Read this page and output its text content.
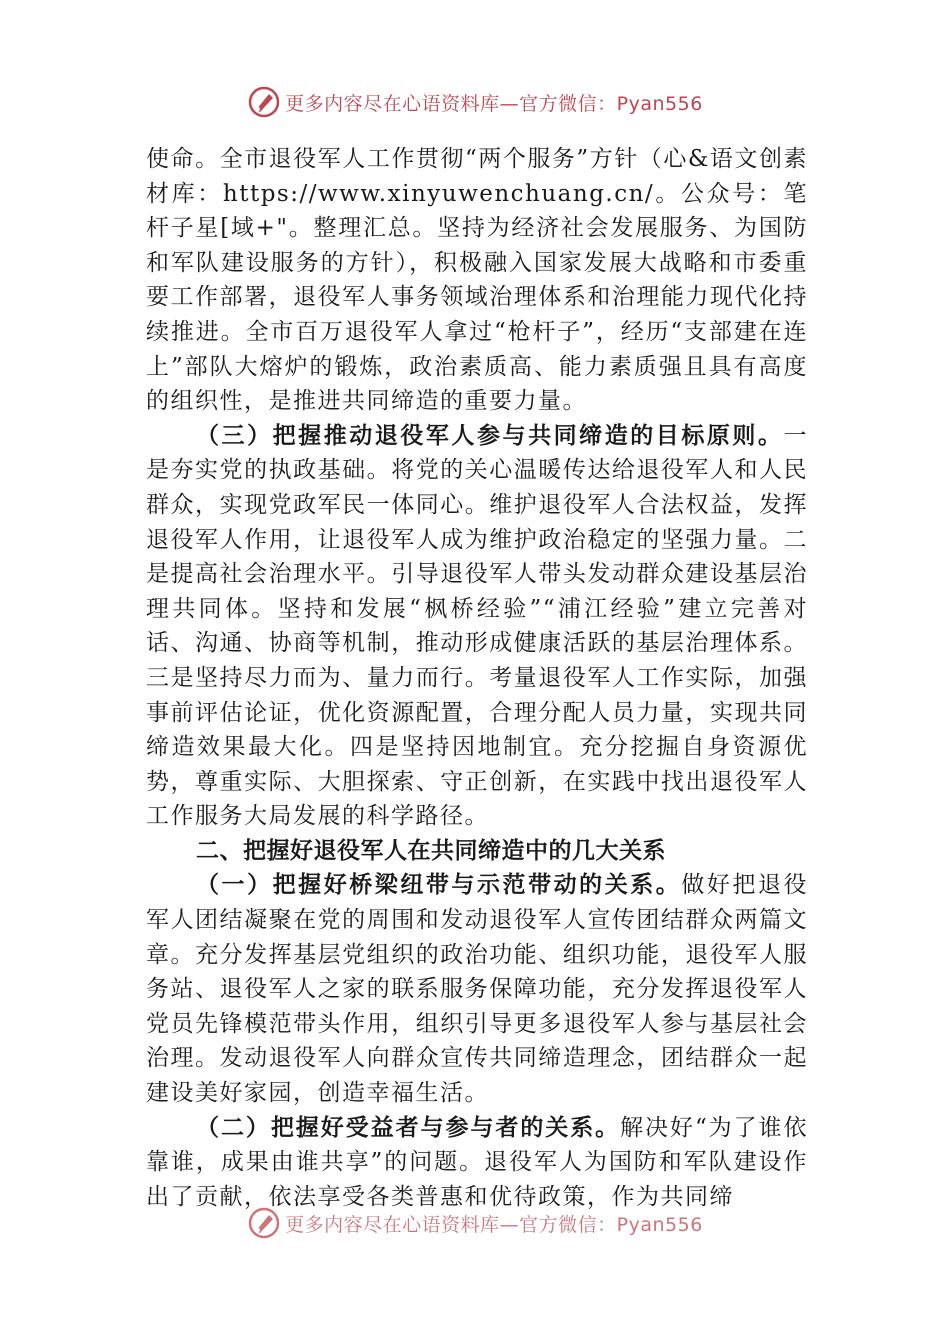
更多内容尽在心语资料库—官方微信：Pyan556

使命。全市退役军人工作贯彻“两个服务”方针（心&语文创素材库：https://www.xinyuwenchuang.cn/。公众号：笔杆子星[域+"。整理汇总。坚持为经济社会发展服务、为国防和军队建设服务的方针），积极融入国家发展大战略和市委重要工作部署，退役军人事务领域治理体系和治理能力现代化持续推进。全市百万退役军人拿过“枪杆子”，经历“支部建在连上”部队大熔炉的锻炼，政治素质高、能力素质强且具有高度的组织性，是推进共同缔造的重要力量。

（三）把握推动退役军人参与共同缔造的目标原则。一是夯实党的执政基础。将党的关心温暖传达给退役军人和人民群众，实现党政军民一体同心。维护退役军人合法权益，发挥退役军人作用，让退役军人成为维护政治稳定的坚强力量。二是提高社会治理水平。引导退役军人带头发动群众建设基层治理共同体。坚持和发展“枫桥经验”“浦江经验”建立完善对话、沟通、协商等机制，推动形成健康活跃的基层治理体系。三是坚持尽力而为、量力而行。考量退役军人工作实际，加强事前评估论证，优化资源配置，合理分配人员力量，实现共同缔造效果最大化。四是坚持因地制宜。充分挖掘自身资源优势，尊重实际、大胆探索、守正创新，在实践中找出退役军人工作服务大局发展的科学路径。

二、把握好退役军人在共同缔造中的几大关系

（一）把握好桥梁纽带与示范带动的关系。做好把退役军人团结凝聚在党的周围和发动退役军人宣传团结群众两篇文章。充分发挥基层党组织的政治功能、组织功能，退役军人服务站、退役军人之家的联系服务保障功能，充分发挥退役军人党员先锋模范带头作用，组织引导更多退役军人参与基层社会治理。发动退役军人向群众宣传共同缔造理念，团结群众一起建设美好家园，创造幸福生活。

（二）把握好受益者与参与者的关系。解决好“为了谁依靠谁，成果由谁共享”的问题。退役军人为国防和军队建设作出了贡献，依法享受各类普惠和优待政策，作为共同缔

更多内容尽在心语资料库—官方微信：Pyan556
